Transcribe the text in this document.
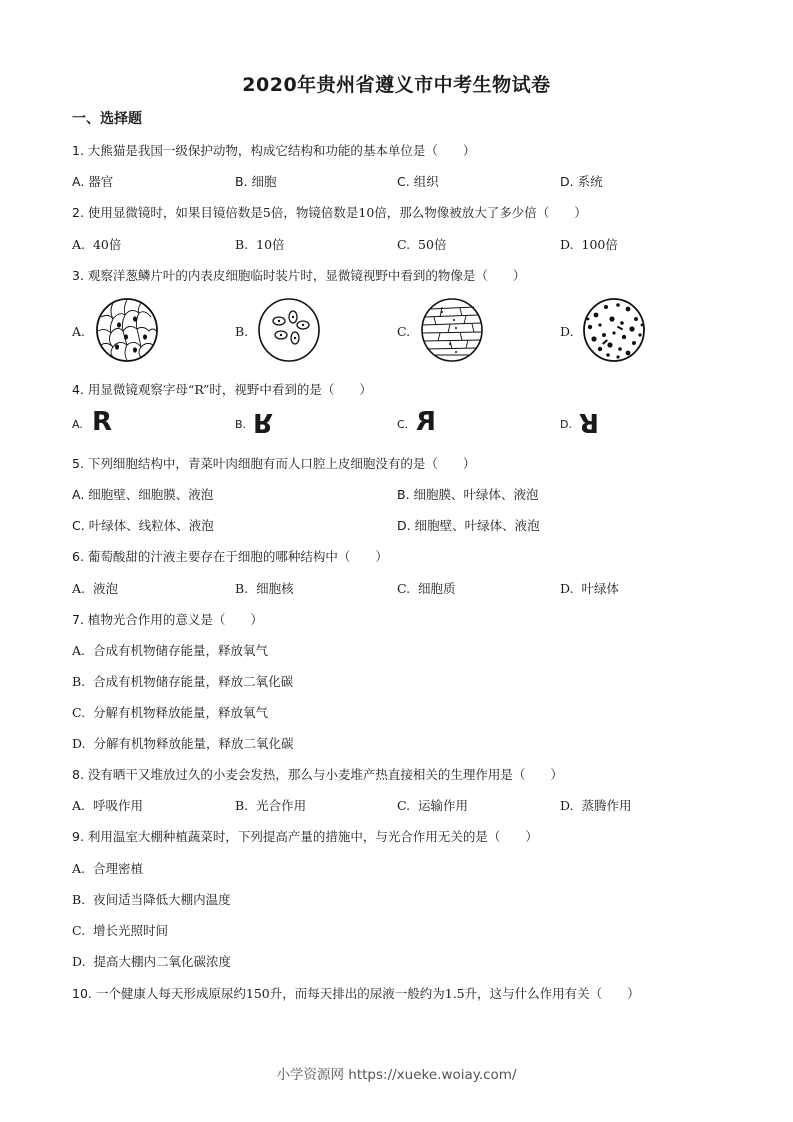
2020年贵州省遵义市中考生物试卷
一、选择题
1. 大熊猫是我国一级保护动物，构成它结构和功能的基本单位是（　　）
A. 器官	B. 细胞	C. 组织	D. 系统
2. 使用显微镜时，如果目镜倍数是5倍，物镜倍数是10倍，那么物像被放大了多少倍（　　）
A. 40倍	B. 10倍	C. 50倍	D. 100倍
3. 观察洋葱鳞片叶的内表皮细胞临时装片时，显微镜视野中看到的物像是（　　）
A.	B.	C.	D.
4. 用显微镜观察字母“R”时，视野中看到的是（　　）
A. R	B. R	C. R	D. R
5. 下列细胞结构中，青菜叶肉细胞有而人口腔上皮细胞没有的是（　　）
A. 细胞壁、细胞膜、液泡	B. 细胞膜、叶绿体、液泡
C. 叶绿体、线粒体、液泡	D. 细胞壁、叶绿体、液泡
6. 葡萄酸甜的汁液主要存在于细胞的哪种结构中（　　）
A. 液泡	B. 细胞核	C. 细胞质	D. 叶绿体
7. 植物光合作用的意义是（　　）
A. 合成有机物储存能量，释放氧气
B. 合成有机物储存能量，释放二氧化碳
C. 分解有机物释放能量，释放氧气
D. 分解有机物释放能量，释放二氧化碳
8. 没有晒干又堆放过久的小麦会发热，那么与小麦堆产热直接相关的生理作用是（　　）
A. 呼吸作用	B. 光合作用	C. 运输作用	D. 蒸腾作用
9. 利用温室大棚种植蔬菜时，下列提高产量的措施中，与光合作用无关的是（　　）
A. 合理密植
B. 夜间适当降低大棚内温度
C. 增长光照时间
D. 提高大棚内二氧化碳浓度
10. 一个健康人每天形成原尿约150升，而每天排出的尿液一般约为1.5升，这与什么作用有关（　　）
小学资源网 https://xueke.woiay.com/
